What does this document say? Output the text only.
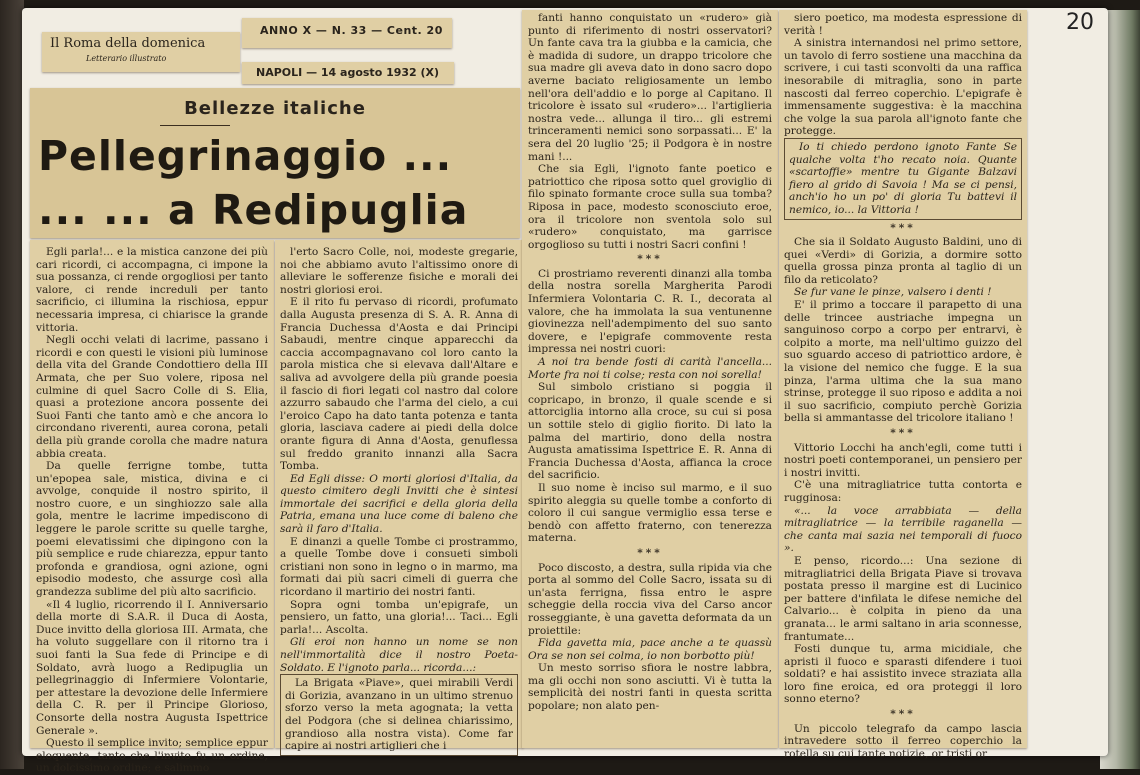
20
Il Roma della domenica
Letterario illustrato
ANNO X — N. 33 — Cent. 20
NAPOLI — 14 agosto 1932 (X)
Bellezze italiche
Pellegrinaggio ...
... ... a Redipuglia

Egli parla!... e la mistica canzone dei più cari ricordi, ci accompagna, ci impone la sua possanza, ci rende orgogliosi per tanto valore, ci rende increduli per tanto sacrificio, ci illumina la rischiosa, eppur necessaria impresa, ci chiarisce la grande vittoria.

Negli occhi velati di lacrime, passano i ricordi e con questi le visioni più luminose della vita del Grande Condottiero della III Armata, che per Suo volere, riposa nel culmine di quel Sacro Colle di S. Elia, quasi a protezione ancora possente dei Suoi Fanti che tanto amò e che ancora lo circondano riverenti, aurea corona, petali della più grande corolla che madre natura abbia creata.

Da quelle ferrigne tombe, tutta un'epopea sale, mistica, divina e ci avvolge, conquide il nostro spirito, il nostro cuore, e un singhiozzo sale alla gola, mentre le lacrime impediscono di leggere le parole scritte su quelle targhe, poemi elevatissimi che dipingono con la più semplice e rude chiarezza, eppur tanto profonda e grandiosa, ogni azione, ogni episodio modesto, che assurge così alla grandezza sublime del più alto sacrificio.

«Il 4 luglio, ricorrendo il I. Anniversario della morte di S.A.R. il Duca di Aosta, Duce invitto della gloriosa III. Armata, che ha voluto suggellare con il ritorno tra i suoi fanti la Sua fede di Principe e di Soldato, avrà luogo a Redipuglia un pellegrinaggio di Infermiere Volontarie, per attestare la devozione delle Infermiere della C. R. per il Principe Glorioso, Consorte della nostra Augusta Ispettrice Generale ».

Questo il semplice invito; semplice eppur eloquente, tanto che l'invito fu un ordine, un dolcissimo ordine; e salimmo

l'erto Sacro Colle, noi, modeste gregarie, noi che abbiamo avuto l'altissimo onore di alleviare le sofferenze fisiche e morali dei nostri gloriosi eroi.

E il rito fu pervaso di ricordi, profumato dalla Augusta presenza di S. A. R. Anna di Francia Duchessa d'Aosta e dai Principi Sabaudi, mentre cinque apparecchi da caccia accompagnavano col loro canto la parola mistica che si elevava dall'Altare e saliva ad avvolgere della più grande poesia il fascio di fiori legati col nastro dal colore azzurro sabaudo che l'arma del cielo, a cui l'eroico Capo ha dato tanta potenza e tanta gloria, lasciava cadere ai piedi della dolce orante figura di Anna d'Aosta, genuflessa sul freddo granito innanzi alla Sacra Tomba.

Ed Egli disse: O morti gloriosi d'Italia, da questo cimitero degli Invitti che è sintesi immortale dei sacrifici e della gloria della Patria, emana una luce come di baleno che sarà il faro d'Italia.

E dinanzi a quelle Tombe ci prostrammo, a quelle Tombe dove i consueti simboli cristiani non sono in legno o in marmo, ma formati dai più sacri cimeli di guerra che ricordano il martirio dei nostri fanti.

Sopra ogni tomba un'epigrafe, un pensiero, un fatto, una gloria!... Taci... Egli parla!... Ascolta.

Gli eroi non hanno un nome se non nell'immortalità dice il nostro Poeta-Soldato. E l'ignoto parla... ricorda...:

La Brigata «Piave», quei mirabili Verdi di Gorizia, avanzano in un ultimo strenuo sforzo verso la meta agognata; la vetta del Podgora (che si delinea chiarissimo, grandioso alla nostra vista). Come far capire ai nostri artiglieri che i

fanti hanno conquistato un «rudero» già punto di riferimento di nostri osservatori? Un fante cava tra la giubba e la camicia, che è madida di sudore, un drappo tricolore che sua madre gli aveva dato in dono sacro dopo averne baciato religiosamente un lembo nell'ora dell'addio e lo porge al Capitano. Il tricolore è issato sul «rudero»... l'artiglieria nostra vede... allunga il tiro... gli estremi trinceramenti nemici sono sorpassati... E' la sera del 20 luglio '25; il Podgora è in nostre mani !...

Che sia Egli, l'ignoto fante poetico e patriottico che riposa sotto quel groviglio di filo spinato formante croce sulla sua tomba? Riposa in pace, modesto sconosciuto eroe, ora il tricolore non sventola solo sul «rudero» conquistato, ma garrisce orgoglioso su tutti i nostri Sacri confini !

***

Ci prostriamo reverenti dinanzi alla tomba della nostra sorella Margherita Parodi Infermiera Volontaria C. R. I., decorata al valore, che ha immolata la sua ventunenne giovinezza nell'adempimento del suo santo dovere, e l'epigrafe commovente resta impressa nei nostri cuori:

A noi tra bende fosti di carità l'ancella... Morte fra noi ti colse; resta con noi sorella!

Sul simbolo cristiano si poggia il copricapo, in bronzo, il quale scende e si attorciglia intorno alla croce, su cui si posa un sottile stelo di giglio fiorito. Di lato la palma del martirio, dono della nostra Augusta amatissima Ispettrice E. R. Anna di Francia Duchessa d'Aosta, affianca la croce del sacrificio.

Il suo nome è inciso sul marmo, e il suo spirito aleggia su quelle tombe a conforto di coloro il cui sangue vermiglio essa terse e bendò con affetto fraterno, con tenerezza materna.

***

Poco discosto, a destra, sulla ripida via che porta al sommo del Colle Sacro, issata su di un'asta ferrigna, fissa entro le aspre scheggie della roccia viva del Carso ancor rosseggiante, è una gavetta deformata da un proiettile:

Fida gavetta mia, pace anche a te quassù Ora se non sei colma, io non borbotto più!

Un mesto sorriso sfiora le nostre labbra, ma gli occhi non sono asciutti. Vi è tutta la semplicità dei nostri fanti in questa scritta popolare; non alato pen-

siero poetico, ma modesta espressione di verità !

A sinistra internandosi nel primo settore, un tavolo di ferro sostiene una macchina da scrivere, i cui tasti sconvolti da una raffica inesorabile di mitraglia, sono in parte nascosti dal ferreo coperchio. L'epigrafe è immensamente suggestiva: è la macchina che volge la sua parola all'ignoto fante che protegge.

Io ti chiedo perdono ignoto Fante Se qualche volta t'ho recato noia. Quante «scartoffie» mentre tu Gigante Balzavi fiero al grido di Savoia ! Ma se ci pensi, anch'io ho un po' di gloria Tu battevi il nemico, io... la Vittoria !

***

Che sia il Soldato Augusto Baldini, uno di quei «Verdi» di Gorizia, a dormire sotto quella grossa pinza pronta al taglio di un filo da reticolato?

Se fur vane le pinze, valsero i denti !

E' il primo a toccare il parapetto di una delle trincee austriache impegna un sanguinoso corpo a corpo per entrarvi, è colpito a morte, ma nell'ultimo guizzo del suo sguardo acceso di patriottico ardore, è la visione del nemico che fugge. E la sua pinza, l'arma ultima che la sua mano strinse, protegge il suo riposo e addita a noi il suo sacrificio, compiuto perchè Gorizia bella si ammantasse del tricolore italiano !

***

Vittorio Locchi ha anch'egli, come tutti i nostri poeti contemporanei, un pensiero per i nostri invitti.

C'è una mitragliatrice tutta contorta e rugginosa:

«... la voce arrabbiata — della mitragliatrice — la terribile raganella — che canta mai sazia nei temporali di fuoco ».

E penso, ricordo...: Una sezione di mitragliatrici della Brigata Piave si trovava postata presso il margine est di Lucinico per battere d'infilata le difese nemiche del Calvario... è colpita in pieno da una granata... le armi saltano in aria sconnesse, frantumate...

Fosti dunque tu, arma micidiale, che apristi il fuoco e sparasti difendere i tuoi soldati? e hai assistito invece straziata alla loro fine eroica, ed ora proteggi il loro sonno eterno?

***

Un piccolo telegrafo da campo lascia intravedere sotto il ferreo coperchio la rotella su cui tante notizie, or tristi or
